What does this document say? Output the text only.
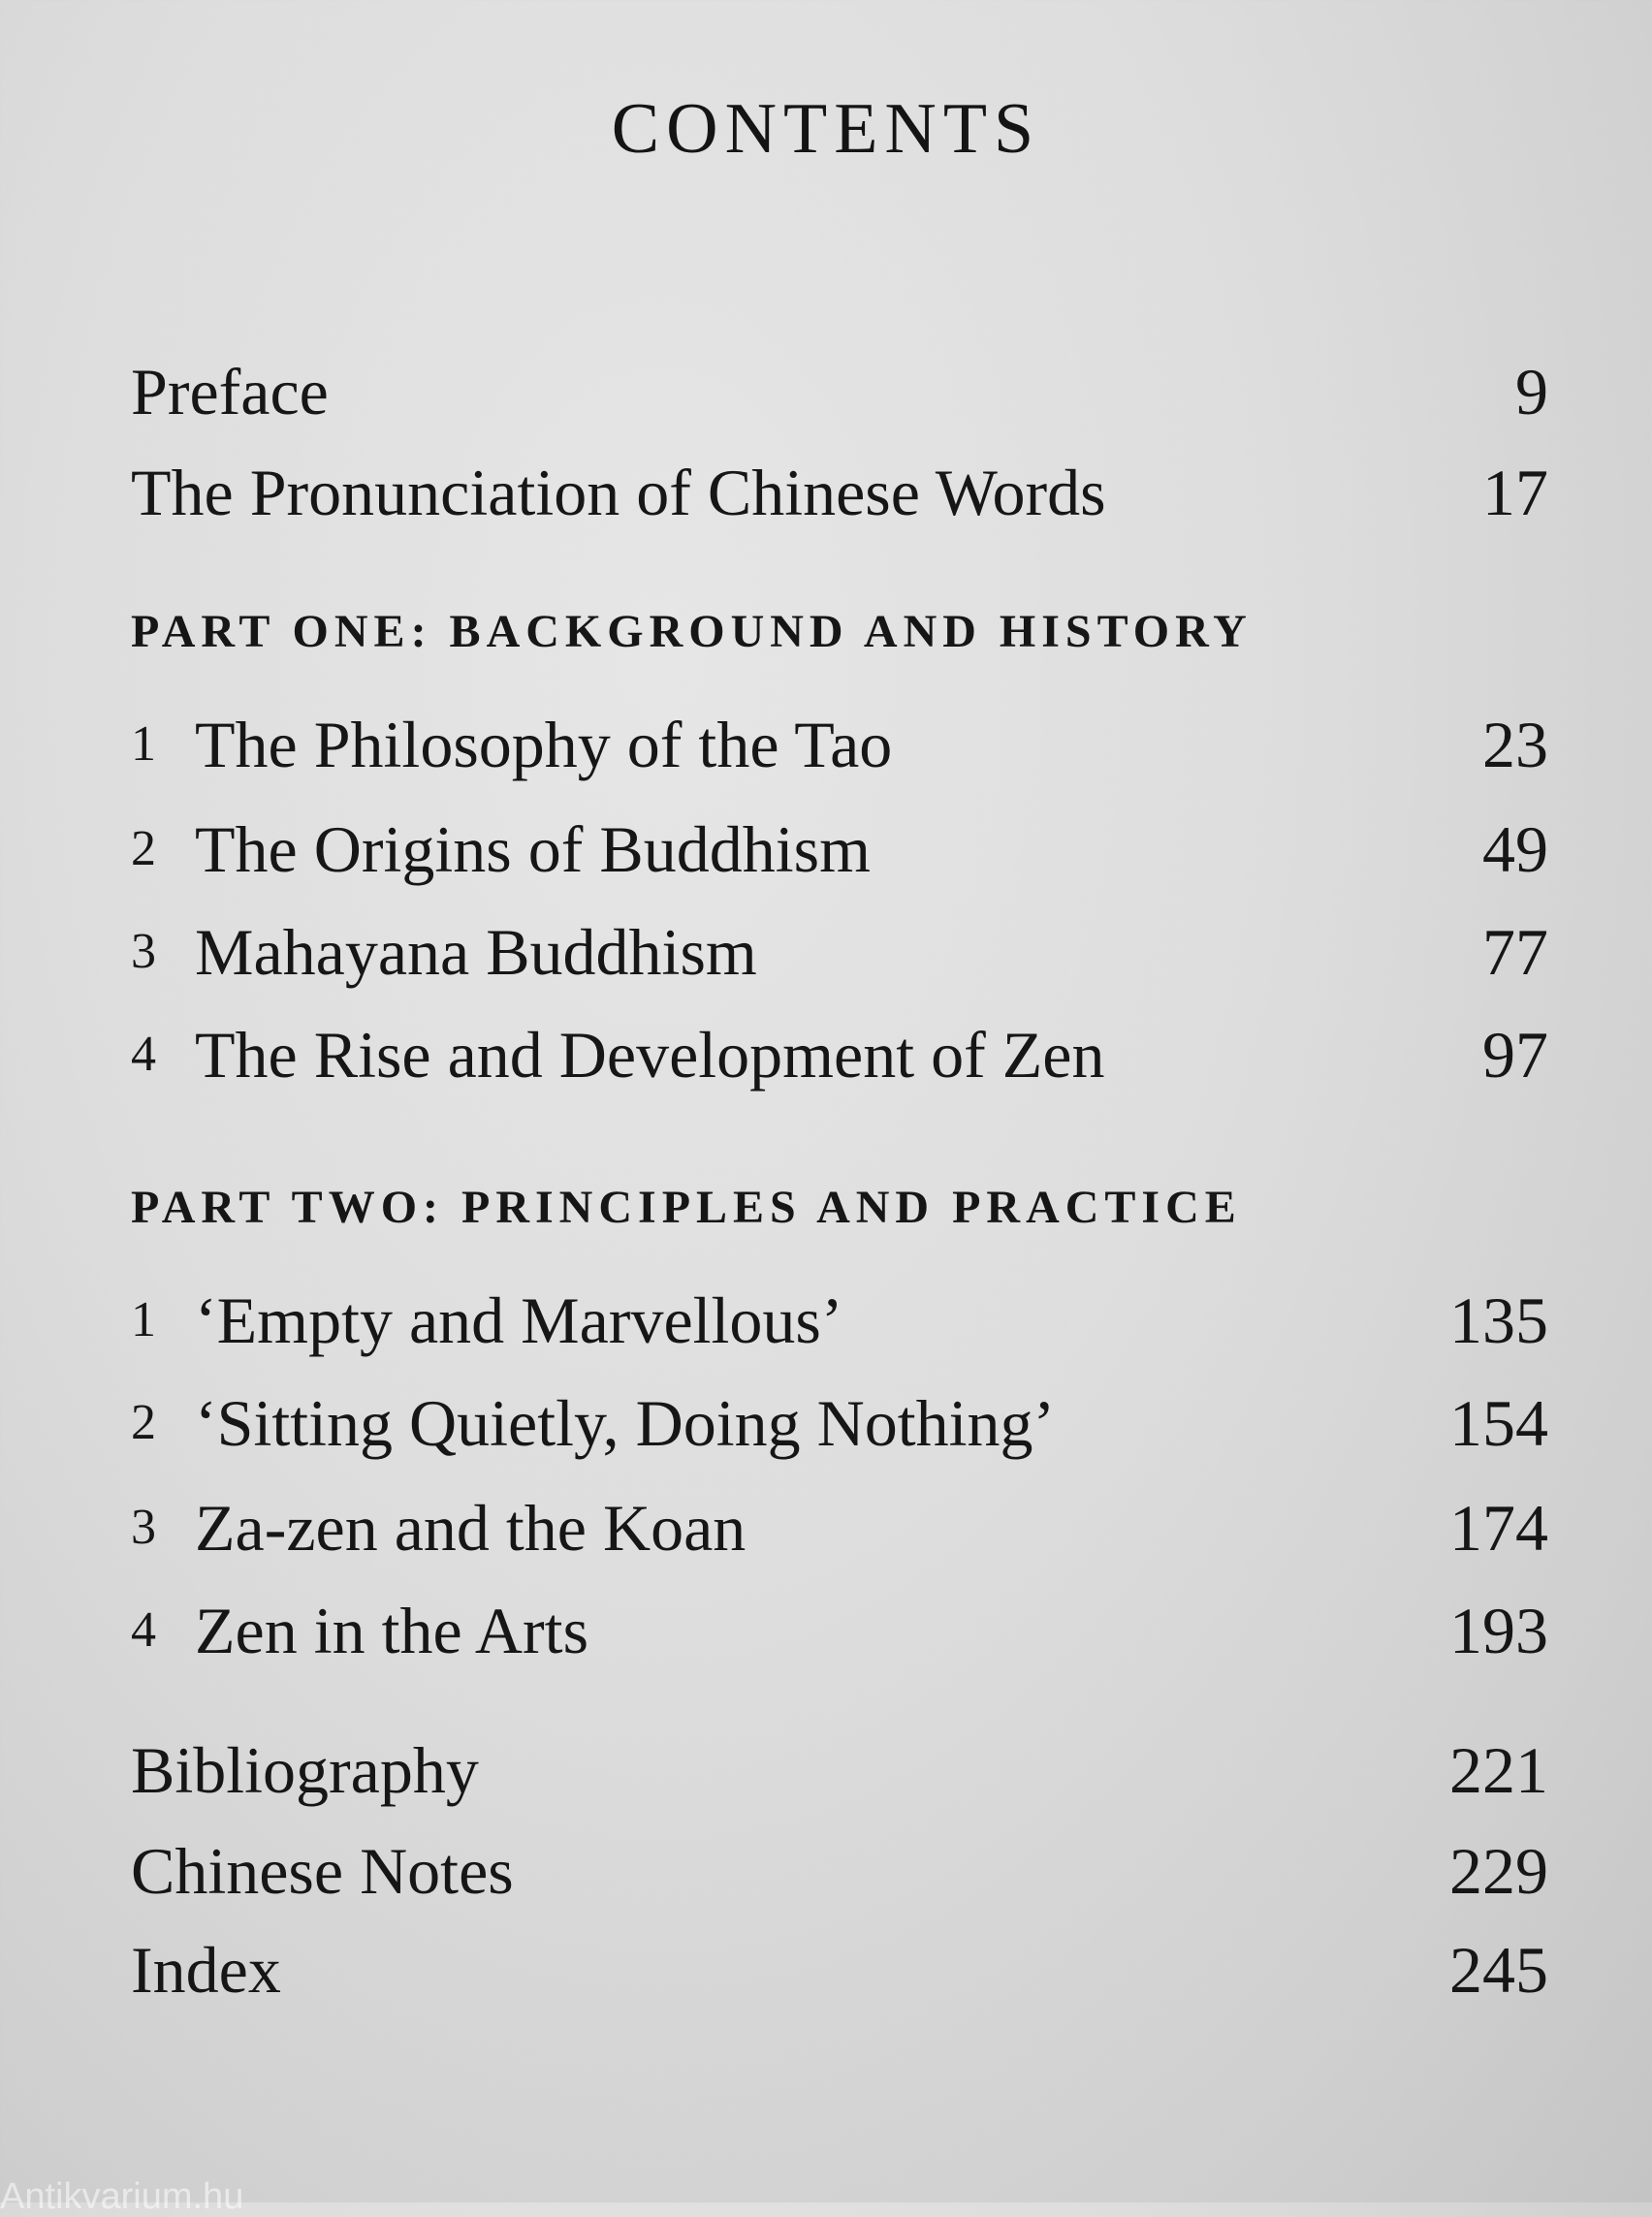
CONTENTS
Preface	9
The Pronunciation of Chinese Words	17
PART ONE: BACKGROUND AND HISTORY
1 The Philosophy of the Tao	23
2 The Origins of Buddhism	49
3 Mahayana Buddhism	77
4 The Rise and Development of Zen	97
PART TWO: PRINCIPLES AND PRACTICE
1 ‘Empty and Marvellous’	135
2 ‘Sitting Quietly, Doing Nothing’	154
3 Za-zen and the Koan	174
4 Zen in the Arts	193
Bibliography	221
Chinese Notes	229
Index	245
Antikvarium.hu
